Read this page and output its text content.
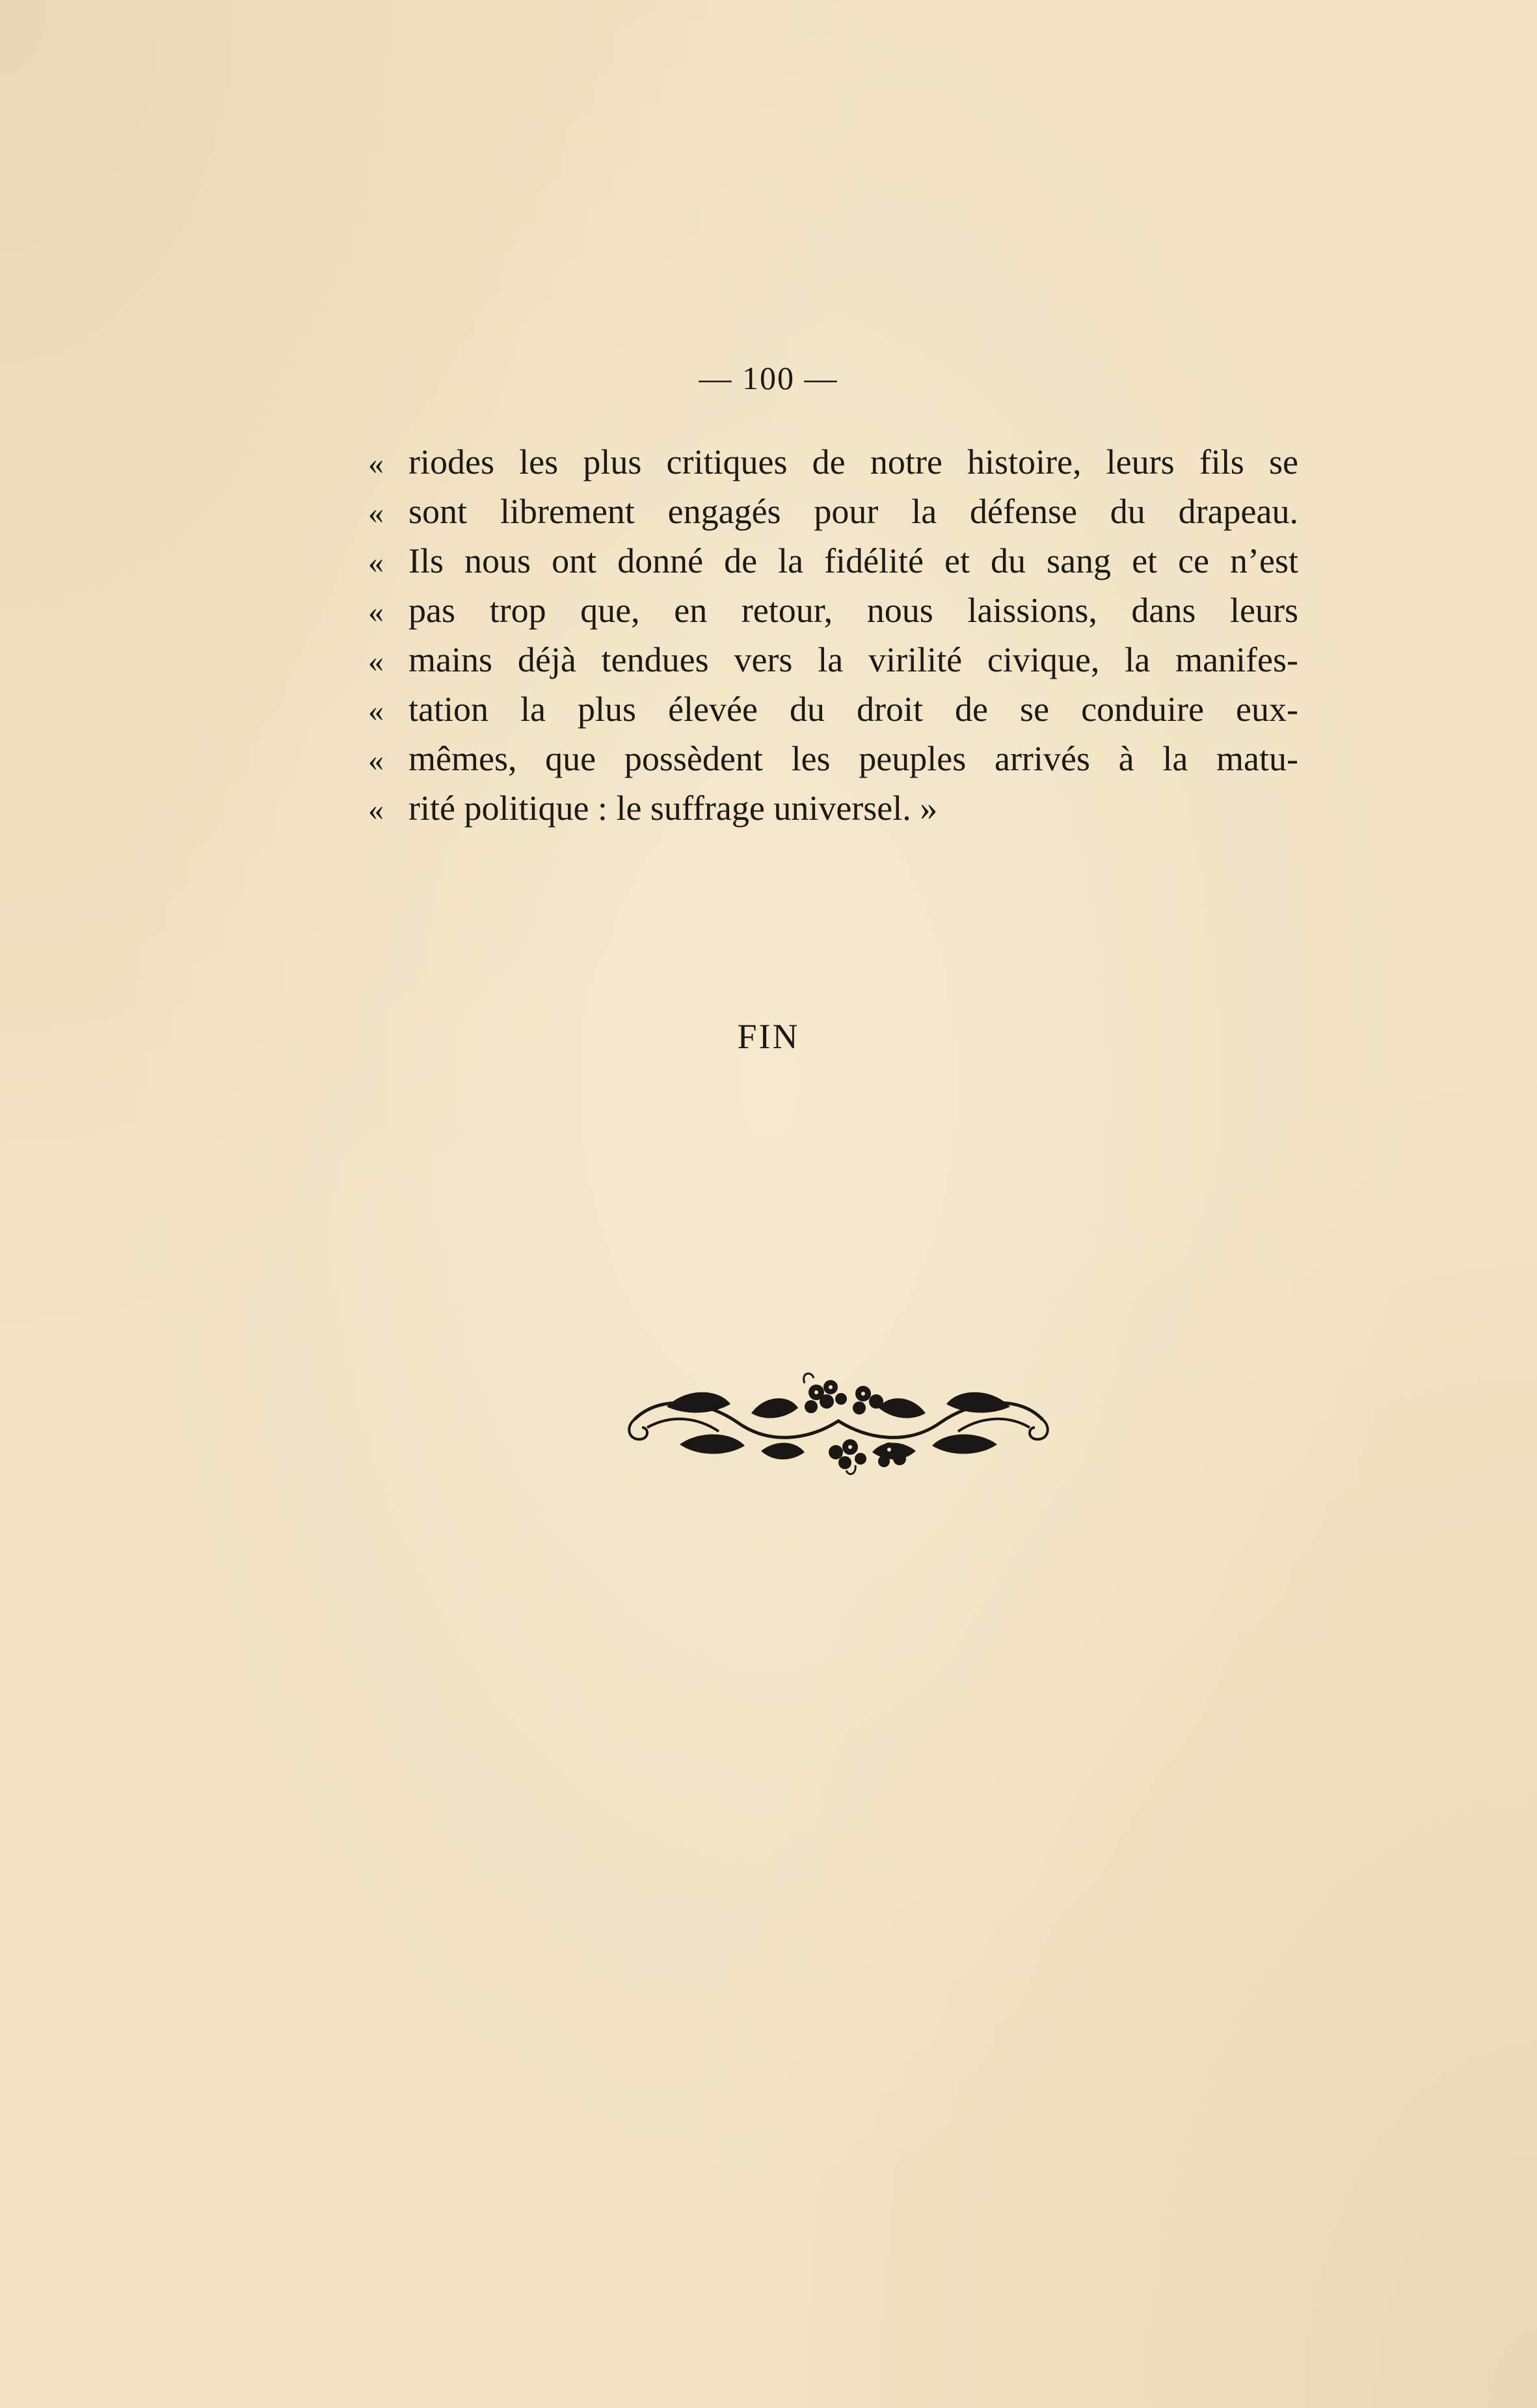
— 100 —
« riodes les plus critiques de notre histoire, leurs fils se
« sont librement engagés pour la défense du drapeau.
« Ils nous ont donné de la fidélité et du sang et ce n’est
« pas trop que, en retour, nous laissions, dans leurs
« mains déjà tendues vers la virilité civique, la manifes-
« tation la plus élevée du droit de se conduire eux-
« mêmes, que possèdent les peuples arrivés à la matu-
« rité politique : le suffrage universel. »
FIN
